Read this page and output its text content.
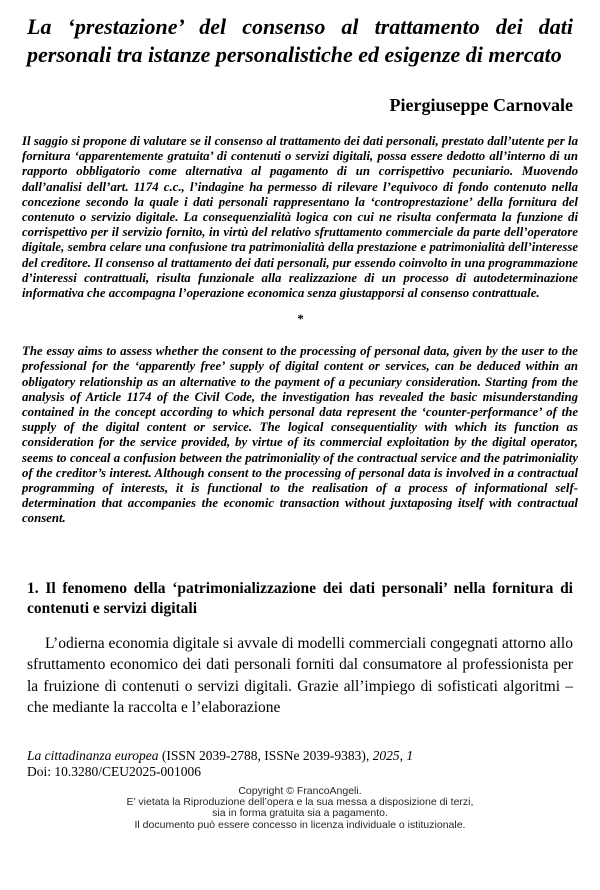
La ‘prestazione’ del consenso al trattamento dei dati personali tra istanze personalistiche ed esigenze di mercato
Piergiuseppe Carnovale

Il saggio si propone di valutare se il consenso al trattamento dei dati personali, prestato dall’utente per la fornitura ‘apparentemente gratuita’ di contenuti o servizi digitali, possa essere dedotto all’interno di un rapporto obbligatorio come alternativa al pagamento di un corrispettivo pecuniario. Muovendo dall’analisi dell’art. 1174 c.c., l’indagine ha permesso di rilevare l’equivoco di fondo contenuto nella concezione secondo la quale i dati personali rappresentano la ‘controprestazione’ della fornitura del contenuto o servizio digitale. La consequenzialità logica con cui ne risulta confermata la funzione di corrispettivo per il servizio fornito, in virtù del relativo sfruttamento commerciale da parte dell’operatore digitale, sembra celare una confusione tra patrimonialità della prestazione e patrimonialità dell’interesse del creditore. Il consenso al trattamento dei dati personali, pur essendo coinvolto in una programmazione d’interessi contrattuali, risulta funzionale alla realizzazione di un processo di autodeterminazione informativa che accompagna l’operazione economica senza giustapporsi al consenso contrattuale.

*

The essay aims to assess whether the consent to the processing of personal data, given by the user to the professional for the ‘apparently free’ supply of digital content or services, can be deduced within an obligatory relationship as an alternative to the payment of a pecuniary consideration. Starting from the analysis of Article 1174 of the Civil Code, the investigation has revealed the basic misunderstanding contained in the concept according to which personal data represent the ‘counter-performance’ of the supply of the digital content or service. The logical consequentiality with which its function as consideration for the service provided, by virtue of its commercial exploitation by the digital operator, seems to conceal a confusion between the patrimoniality of the contractual service and the patrimoniality of the creditor’s interest. Although consent to the processing of personal data is involved in a contractual programming of interests, it is functional to the realisation of a process of informational self-determination that accompanies the economic transaction without juxtaposing itself with contractual consent.

1. Il fenomeno della ‘patrimonializzazione dei dati personali’ nella fornitura di contenuti e servizi digitali

L’odierna economia digitale si avvale di modelli commerciali congegnati attorno allo sfruttamento economico dei dati personali forniti dal consumatore al professionista per la fruizione di contenuti o servizi digitali. Grazie all’impiego di sofisticati algoritmi – che mediante la raccolta e l’elaborazione

La cittadinanza europea (ISSN 2039-2788, ISSNe 2039-9383), 2025, 1
Doi: 10.3280/CEU2025-001006
Copyright © FrancoAngeli.
E’ vietata la Riproduzione dell’opera e la sua messa a disposizione di terzi,
sia in forma gratuita sia a pagamento.
Il documento può essere concesso in licenza individuale o istituzionale.
